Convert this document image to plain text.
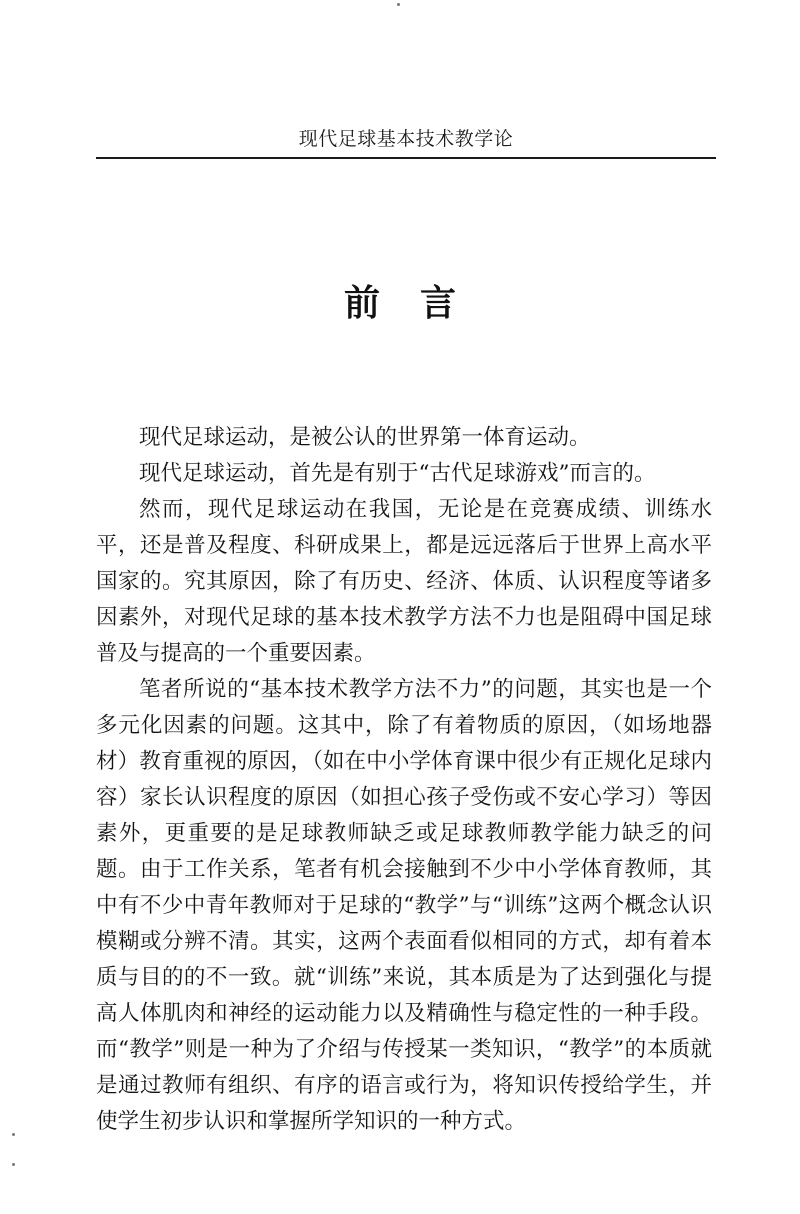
现代足球基本技术教学论
前言

现代足球运动，是被公认的世界第一体育运动。

现代足球运动，首先是有别于“古代足球游戏”而言的。

然而，现代足球运动在我国，无论是在竞赛成绩、训练水平，还是普及程度、科研成果上，都是远远落后于世界上高水平国家的。究其原因，除了有历史、经济、体质、认识程度等诸多因素外，对现代足球的基本技术教学方法不力也是阻碍中国足球普及与提高的一个重要因素。

笔者所说的“基本技术教学方法不力”的问题，其实也是一个多元化因素的问题。这其中，除了有着物质的原因，（如场地器材）教育重视的原因，（如在中小学体育课中很少有正规化足球内容）家长认识程度的原因（如担心孩子受伤或不安心学习）等因素外，更重要的是足球教师缺乏或足球教师教学能力缺乏的问题。由于工作关系，笔者有机会接触到不少中小学体育教师，其中有不少中青年教师对于足球的“教学”与“训练”这两个概念认识模糊或分辨不清。其实，这两个表面看似相同的方式，却有着本质与目的的不一致。就“训练”来说，其本质是为了达到强化与提高人体肌肉和神经的运动能力以及精确性与稳定性的一种手段。而“教学”则是一种为了介绍与传授某一类知识，“教学”的本质就是通过教师有组织、有序的语言或行为，将知识传授给学生，并使学生初步认识和掌握所学知识的一种方式。
